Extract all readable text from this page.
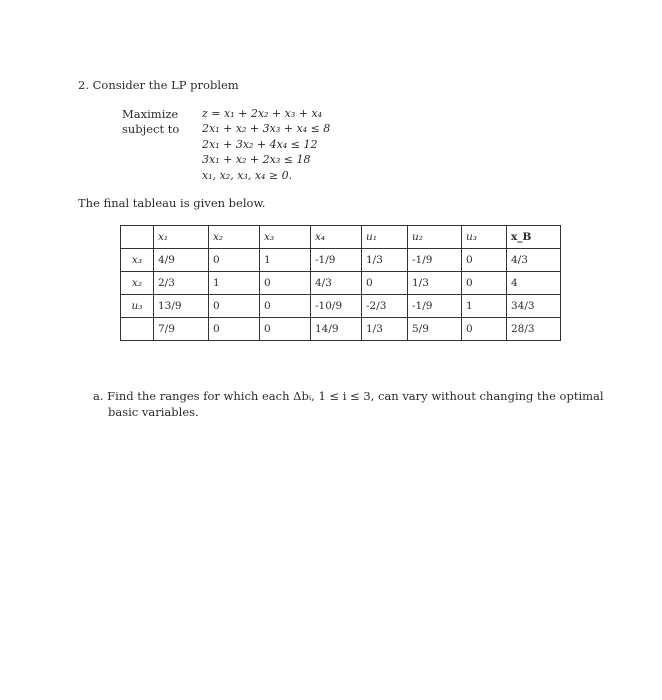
2. Consider the LP problem
Maximize
subject to
z = x₁ + 2x₂ + x₃ + x₄
2x₁ + x₂ + 3x₃ + x₄ ≤ 8
2x₁ + 3x₂ + 4x₄ ≤ 12
3x₁ + x₂ + 2x₃ ≤ 18
x₁, x₂, x₃, x₄ ≥ 0.
The final tableau is given below.
	x₁	x₂	x₃	x₄	u₁	u₂	u₃	x_B
x₃	4/9	0	1	-1/9	1/3	-1/9	0	4/3
x₂	2/3	1	0	4/3	0	1/3	0	4
u₃	13/9	0	0	-10/9	-2/3	-1/9	1	34/3
	7/9	0	0	14/9	1/3	5/9	0	28/3
a. Find the ranges for which each Δbᵢ, 1 ≤ i ≤ 3, can vary without changing the optimal
basic variables.
